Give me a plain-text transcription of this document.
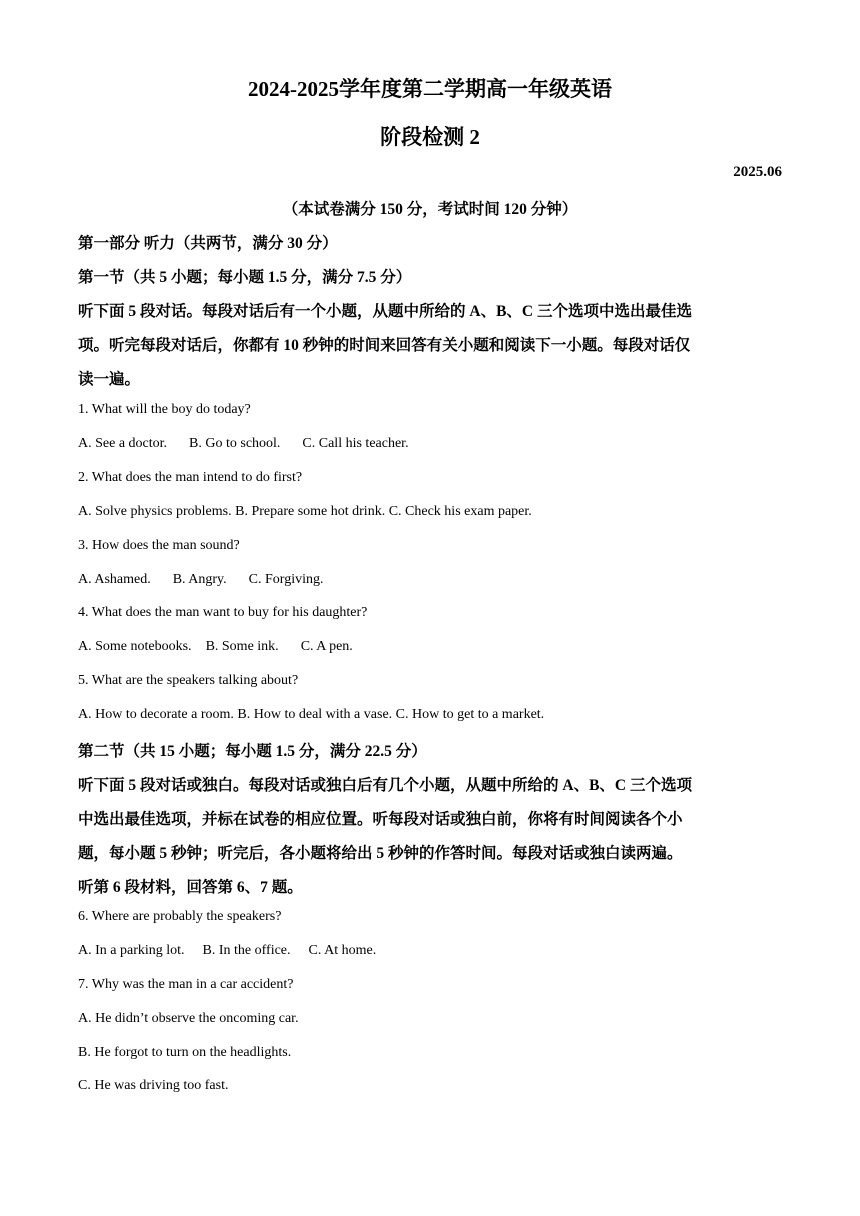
2024-2025学年度第二学期高一年级英语
阶段检测 2
2025.06
（本试卷满分 150 分，考试时间 120 分钟）
第一部分 听力（共两节，满分 30 分）
第一节（共 5 小题；每小题 1.5 分，满分 7.5 分）
听下面 5 段对话。每段对话后有一个小题，从题中所给的 A、B、C 三个选项中选出最佳选
项。听完每段对话后，你都有 10 秒钟的时间来回答有关小题和阅读下一小题。每段对话仅
读一遍。
1. What will the boy do today?
A. See a doctor. B. Go to school. C. Call his teacher.
2. What does the man intend to do first?
A. Solve physics problems. B. Prepare some hot drink. C. Check his exam paper.
3. How does the man sound?
A. Ashamed. B. Angry. C. Forgiving.
4. What does the man want to buy for his daughter?
A. Some notebooks. B. Some ink. C. A pen.
5. What are the speakers talking about?
A. How to decorate a room. B. How to deal with a vase. C. How to get to a market.
第二节（共 15 小题；每小题 1.5 分，满分 22.5 分）
听下面 5 段对话或独白。每段对话或独白后有几个小题，从题中所给的 A、B、C 三个选项
中选出最佳选项，并标在试卷的相应位置。听每段对话或独白前，你将有时间阅读各个小
题，每小题 5 秒钟；听完后，各小题将给出 5 秒钟的作答时间。每段对话或独白读两遍。
听第 6 段材料，回答第 6、7 题。
6. Where are probably the speakers?
A. In a parking lot. B. In the office. C. At home.
7. Why was the man in a car accident?
A. He didn’t observe the oncoming car.
B. He forgot to turn on the headlights.
C. He was driving too fast.
